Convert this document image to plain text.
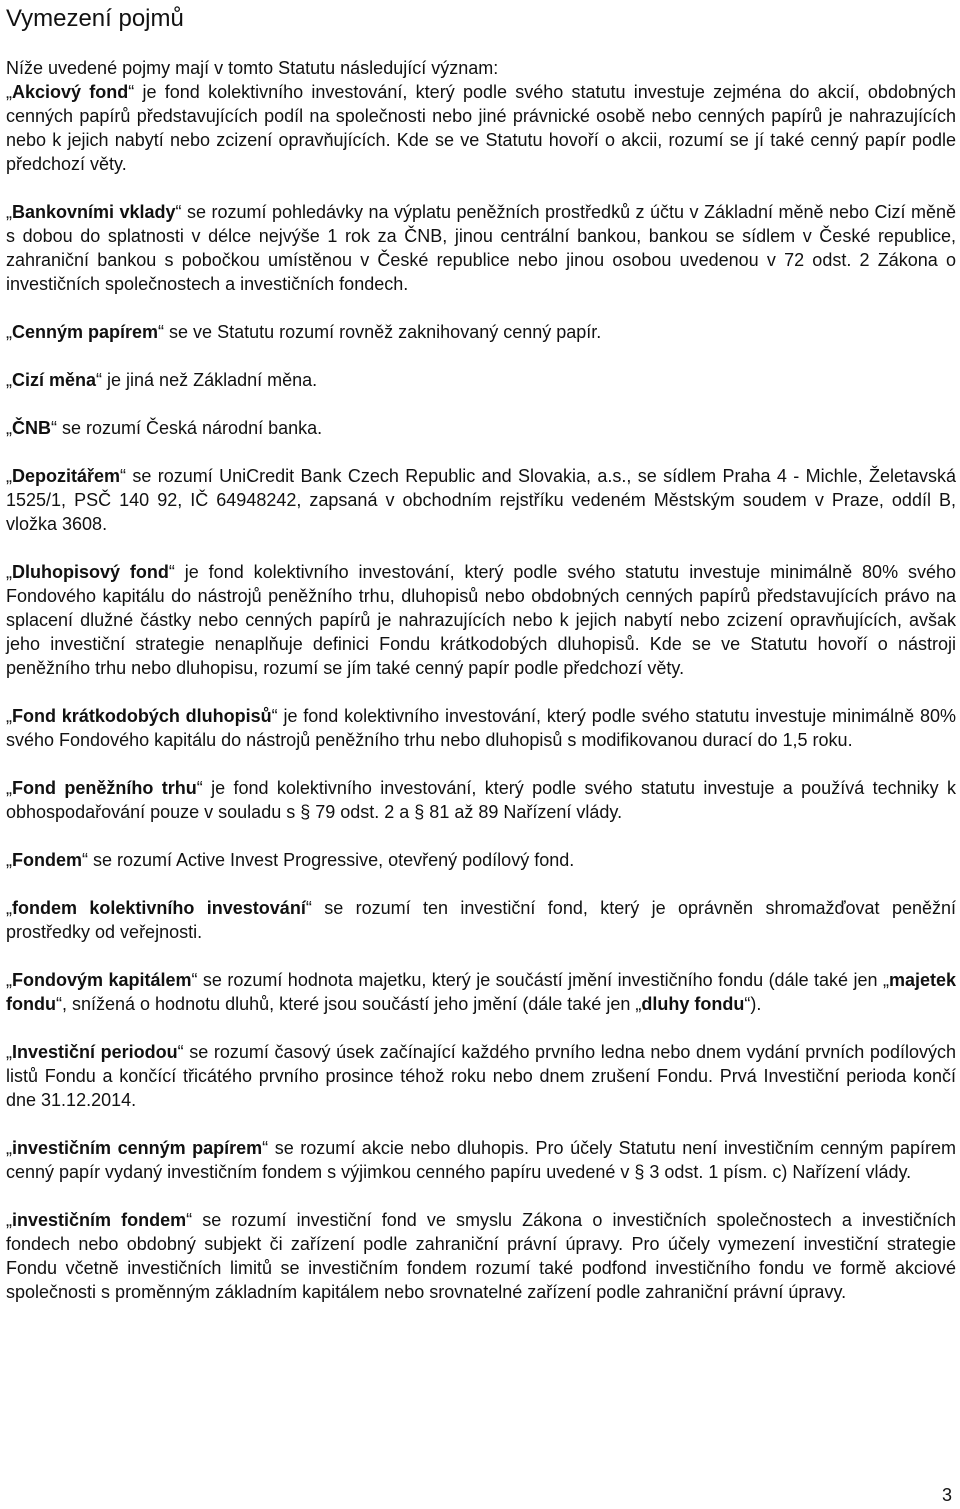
Vymezení pojmů

Níže uvedené pojmy mají v tomto Statutu následující význam:

„Akciový fond“ je fond kolektivního investování, který podle svého statutu investuje zejména do akcií, obdobných cenných papírů představujících podíl na společnosti nebo jiné právnické osobě nebo cenných papírů je nahrazujících nebo k jejich nabytí nebo zcizení opravňujících. Kde se ve Statutu hovoří o akcii, rozumí se jí také cenný papír podle předchozí věty.

„Bankovními vklady“ se rozumí pohledávky na výplatu peněžních prostředků z účtu v Základní měně nebo Cizí měně s dobou do splatnosti v délce nejvýše 1 rok za ČNB, jinou centrální bankou, bankou se sídlem v České republice, zahraniční bankou s pobočkou umístěnou v České republice nebo jinou osobou uvedenou v 72 odst. 2 Zákona o investičních společnostech a investičních fondech.

„Cenným papírem“ se ve Statutu rozumí rovněž zaknihovaný cenný papír.

„Cizí měna“ je jiná než Základní měna.

„ČNB“ se rozumí Česká národní banka.

„Depozitářem“ se rozumí UniCredit Bank Czech Republic and Slovakia, a.s., se sídlem Praha 4 - Michle, Želetavská 1525/1, PSČ 140 92, IČ 64948242, zapsaná v obchodním rejstříku vedeném Městským soudem v Praze, oddíl B, vložka 3608.

„Dluhopisový fond“ je fond kolektivního investování, který podle svého statutu investuje minimálně 80% svého Fondového kapitálu do nástrojů peněžního trhu, dluhopisů nebo obdobných cenných papírů představujících právo na splacení dlužné částky nebo cenných papírů je nahrazujících nebo k jejich nabytí nebo zcizení opravňujících, avšak jeho investiční strategie nenaplňuje definici Fondu krátkodobých dluhopisů. Kde se ve Statutu hovoří o nástroji peněžního trhu nebo dluhopisu, rozumí se jím také cenný papír podle předchozí věty.

„Fond krátkodobých dluhopisů“ je fond kolektivního investování, který podle svého statutu investuje minimálně 80% svého Fondového kapitálu do nástrojů peněžního trhu nebo dluhopisů s modifikovanou durací do 1,5 roku.

„Fond peněžního trhu“ je fond kolektivního investování, který podle svého statutu investuje a používá techniky k obhospodařování pouze v souladu s § 79 odst. 2 a § 81 až 89 Nařízení vlády.

„Fondem“ se rozumí Active Invest Progressive, otevřený podílový fond.

„fondem kolektivního investování“ se rozumí ten investiční fond, který je oprávněn shromažďovat peněžní prostředky od veřejnosti.

„Fondovým kapitálem“ se rozumí hodnota majetku, který je součástí jmění investičního fondu (dále také jen „majetek fondu“, snížená o hodnotu dluhů, které jsou součástí jeho jmění (dále také jen „dluhy fondu“).

„Investiční periodou“ se rozumí časový úsek začínající každého prvního ledna nebo dnem vydání prvních podílových listů Fondu a končící třicátého prvního prosince téhož roku nebo dnem zrušení Fondu. Prvá Investiční perioda končí dne 31.12.2014.

„investičním cenným papírem“ se rozumí akcie nebo dluhopis. Pro účely Statutu není investičním cenným papírem cenný papír vydaný investičním fondem s výjimkou cenného papíru uvedené v § 3 odst. 1 písm. c) Nařízení vlády.

„investičním fondem“ se rozumí investiční fond ve smyslu Zákona o investičních společnostech a investičních fondech nebo obdobný subjekt či zařízení podle zahraniční právní úpravy. Pro účely vymezení investiční strategie Fondu včetně investičních limitů se investičním fondem rozumí také podfond investičního fondu ve formě akciové společnosti s proměnným základním kapitálem nebo srovnatelné zařízení podle zahraniční právní úpravy.

3
